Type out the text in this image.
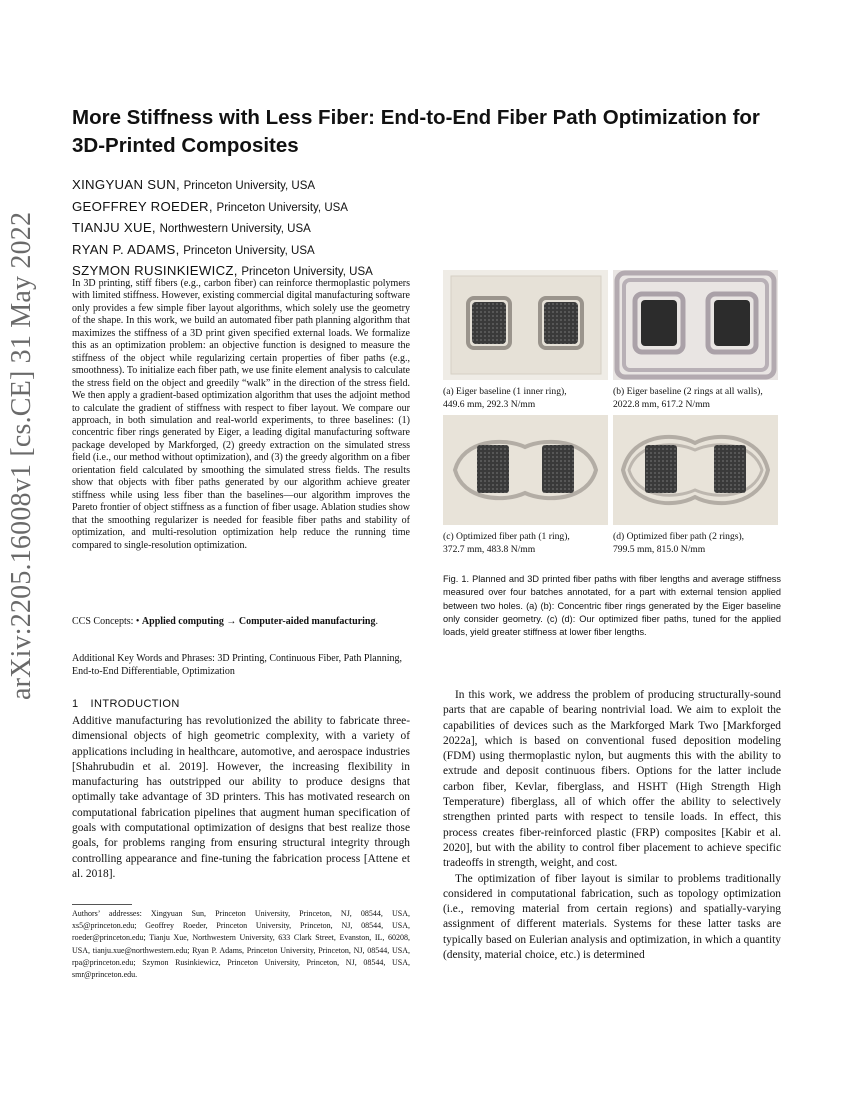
arXiv:2205.16008v1 [cs.CE] 31 May 2022
More Stiffness with Less Fiber: End-to-End Fiber Path Optimization for 3D-Printed Composites
XINGYUAN SUN, Princeton University, USA
GEOFFREY ROEDER, Princeton University, USA
TIANJU XUE, Northwestern University, USA
RYAN P. ADAMS, Princeton University, USA
SZYMON RUSINKIEWICZ, Princeton University, USA

In 3D printing, stiff fibers (e.g., carbon fiber) can reinforce thermoplastic polymers with limited stiffness. However, existing commercial digital manufacturing software only provides a few simple fiber layout algorithms, which solely use the geometry of the shape. In this work, we build an automated fiber path planning algorithm that maximizes the stiffness of a 3D print given specified external loads. We formalize this as an optimization problem: an objective function is designed to measure the stiffness of the object while regularizing certain properties of fiber paths (e.g., smoothness). To initialize each fiber path, we use finite element analysis to calculate the stress field on the object and greedily “walk” in the direction of the stress field. We then apply a gradient-based optimization algorithm that uses the adjoint method to calculate the gradient of stiffness with respect to fiber layout. We compare our approach, in both simulation and real-world experiments, to three baselines: (1) concentric fiber rings generated by Eiger, a leading digital manufacturing software package developed by Markforged, (2) greedy extraction on the simulated stress field (i.e., our method without optimization), and (3) the greedy algorithm on a fiber orientation field calculated by smoothing the simulated stress fields. The results show that objects with fiber paths generated by our algorithm achieve greater stiffness while using less fiber than the baselines—our algorithm improves the Pareto frontier of object stiffness as a function of fiber usage. Ablation studies show that the smoothing regularizer is needed for feasible fiber paths and stability of optimization, and multi-resolution optimization help reduce the running time compared to single-resolution optimization.

CCS Concepts: • Applied computing → Computer-aided manufacturing.

Additional Key Words and Phrases: 3D Printing, Continuous Fiber, Path Planning, End-to-End Differentiable, Optimization

1 INTRODUCTION

Additive manufacturing has revolutionized the ability to fabricate three-dimensional objects of high geometric complexity, with a variety of applications including in healthcare, automotive, and aerospace industries [Shahrubudin et al. 2019]. However, the increasing flexibility in manufacturing has outstripped our ability to produce designs that optimally take advantage of 3D printers. This has motivated research on computational fabrication pipelines that augment human specification of goals with computational optimization of designs that best realize those goals, for problems ranging from ensuring structural integrity through controlling appearance and fine-tuning the fabrication process [Attene et al. 2018].

Authors’ addresses: Xingyuan Sun, Princeton University, Princeton, NJ, 08544, USA, xs5@princeton.edu; Geoffrey Roeder, Princeton University, Princeton, NJ, 08544, USA, roeder@princeton.edu; Tianju Xue, Northwestern University, 633 Clark Street, Evanston, IL, 60208, USA, tianju.xue@northwestern.edu; Ryan P. Adams, Princeton University, Princeton, NJ, 08544, USA, rpa@princeton.edu; Szymon Rusinkiewicz, Princeton University, Princeton, NJ, 08544, USA, smr@princeton.edu.

(a) Eiger baseline (1 inner ring),
449.6 mm, 292.3 N/mm
(b) Eiger baseline (2 rings at all walls),
2022.8 mm, 617.2 N/mm
(c) Optimized fiber path (1 ring),
372.7 mm, 483.8 N/mm
(d) Optimized fiber path (2 rings),
799.5 mm, 815.0 N/mm

Fig. 1. Planned and 3D printed fiber paths with fiber lengths and average stiffness measured over four batches annotated, for a part with external tension applied between two holes. (a) (b): Concentric fiber rings generated by the Eiger baseline only consider geometry. (c) (d): Our optimized fiber paths, tuned for the applied loads, yield greater stiffness at lower fiber lengths.

In this work, we address the problem of producing structurally-sound parts that are capable of bearing nontrivial load. We aim to exploit the capabilities of devices such as the Markforged Mark Two [Markforged 2022a], which is based on conventional fused deposition modeling (FDM) using thermoplastic nylon, but augments this with the ability to extrude and deposit continuous fibers. Options for the latter include carbon fiber, Kevlar, fiberglass, and HSHT (High Strength High Temperature) fiberglass, all of which offer the ability to selectively strengthen printed parts with respect to tensile loads. In effect, this process creates fiber-reinforced plastic (FRP) composites [Kabir et al. 2020], but with the ability to control fiber placement to achieve specific tradeoffs in strength, weight, and cost.

The optimization of fiber layout is similar to problems traditionally considered in computational fabrication, such as topology optimization (i.e., removing material from certain regions) and spatially-varying assignment of different materials. Systems for these latter tasks are typically based on Eulerian analysis and optimization, in which a quantity (density, material choice, etc.) is determined
